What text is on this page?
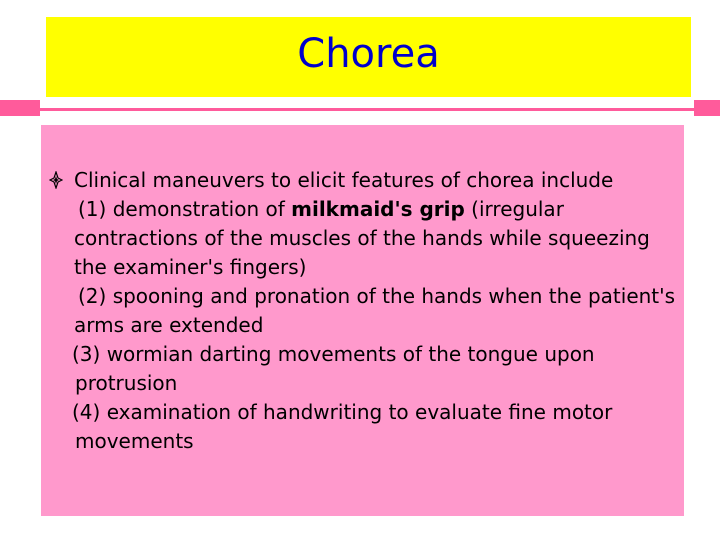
Chorea

Clinical maneuvers to elicit features of chorea include

(1) demonstration of milkmaid's grip (irregular contractions of the muscles of the hands while squeezing the examiner's fingers)

(2) spooning and pronation of the hands when the patient's arms are extended

(3) wormian darting movements of the tongue upon protrusion

(4) examination of handwriting to evaluate fine motor movements
